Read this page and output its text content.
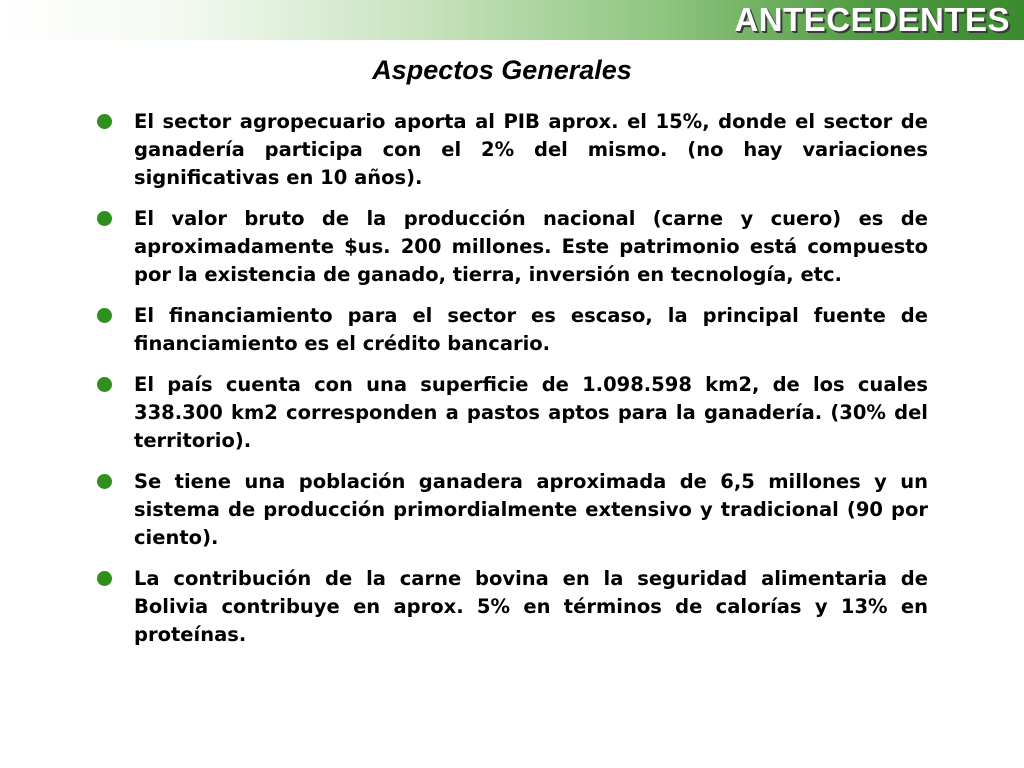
ANTECEDENTES
Aspectos Generales
El sector agropecuario aporta al PIB aprox. el 15%, donde el sector de ganadería participa con el 2% del mismo. (no hay variaciones significativas en 10 años).
El valor bruto de la producción nacional (carne y cuero) es de aproximadamente $us. 200 millones. Este patrimonio está compuesto por la existencia de ganado, tierra, inversión en tecnología, etc.
El financiamiento para el sector es escaso, la principal fuente de financiamiento es el crédito bancario.
El país cuenta con una superficie de 1.098.598 km2, de los cuales 338.300 km2 corresponden a pastos aptos para la ganadería. (30% del territorio).
Se tiene una población ganadera aproximada de 6,5 millones y un sistema de producción primordialmente extensivo y tradicional (90 por ciento).
La contribución de la carne bovina en la seguridad alimentaria de Bolivia contribuye en aprox. 5% en términos de calorías y 13% en proteínas.
